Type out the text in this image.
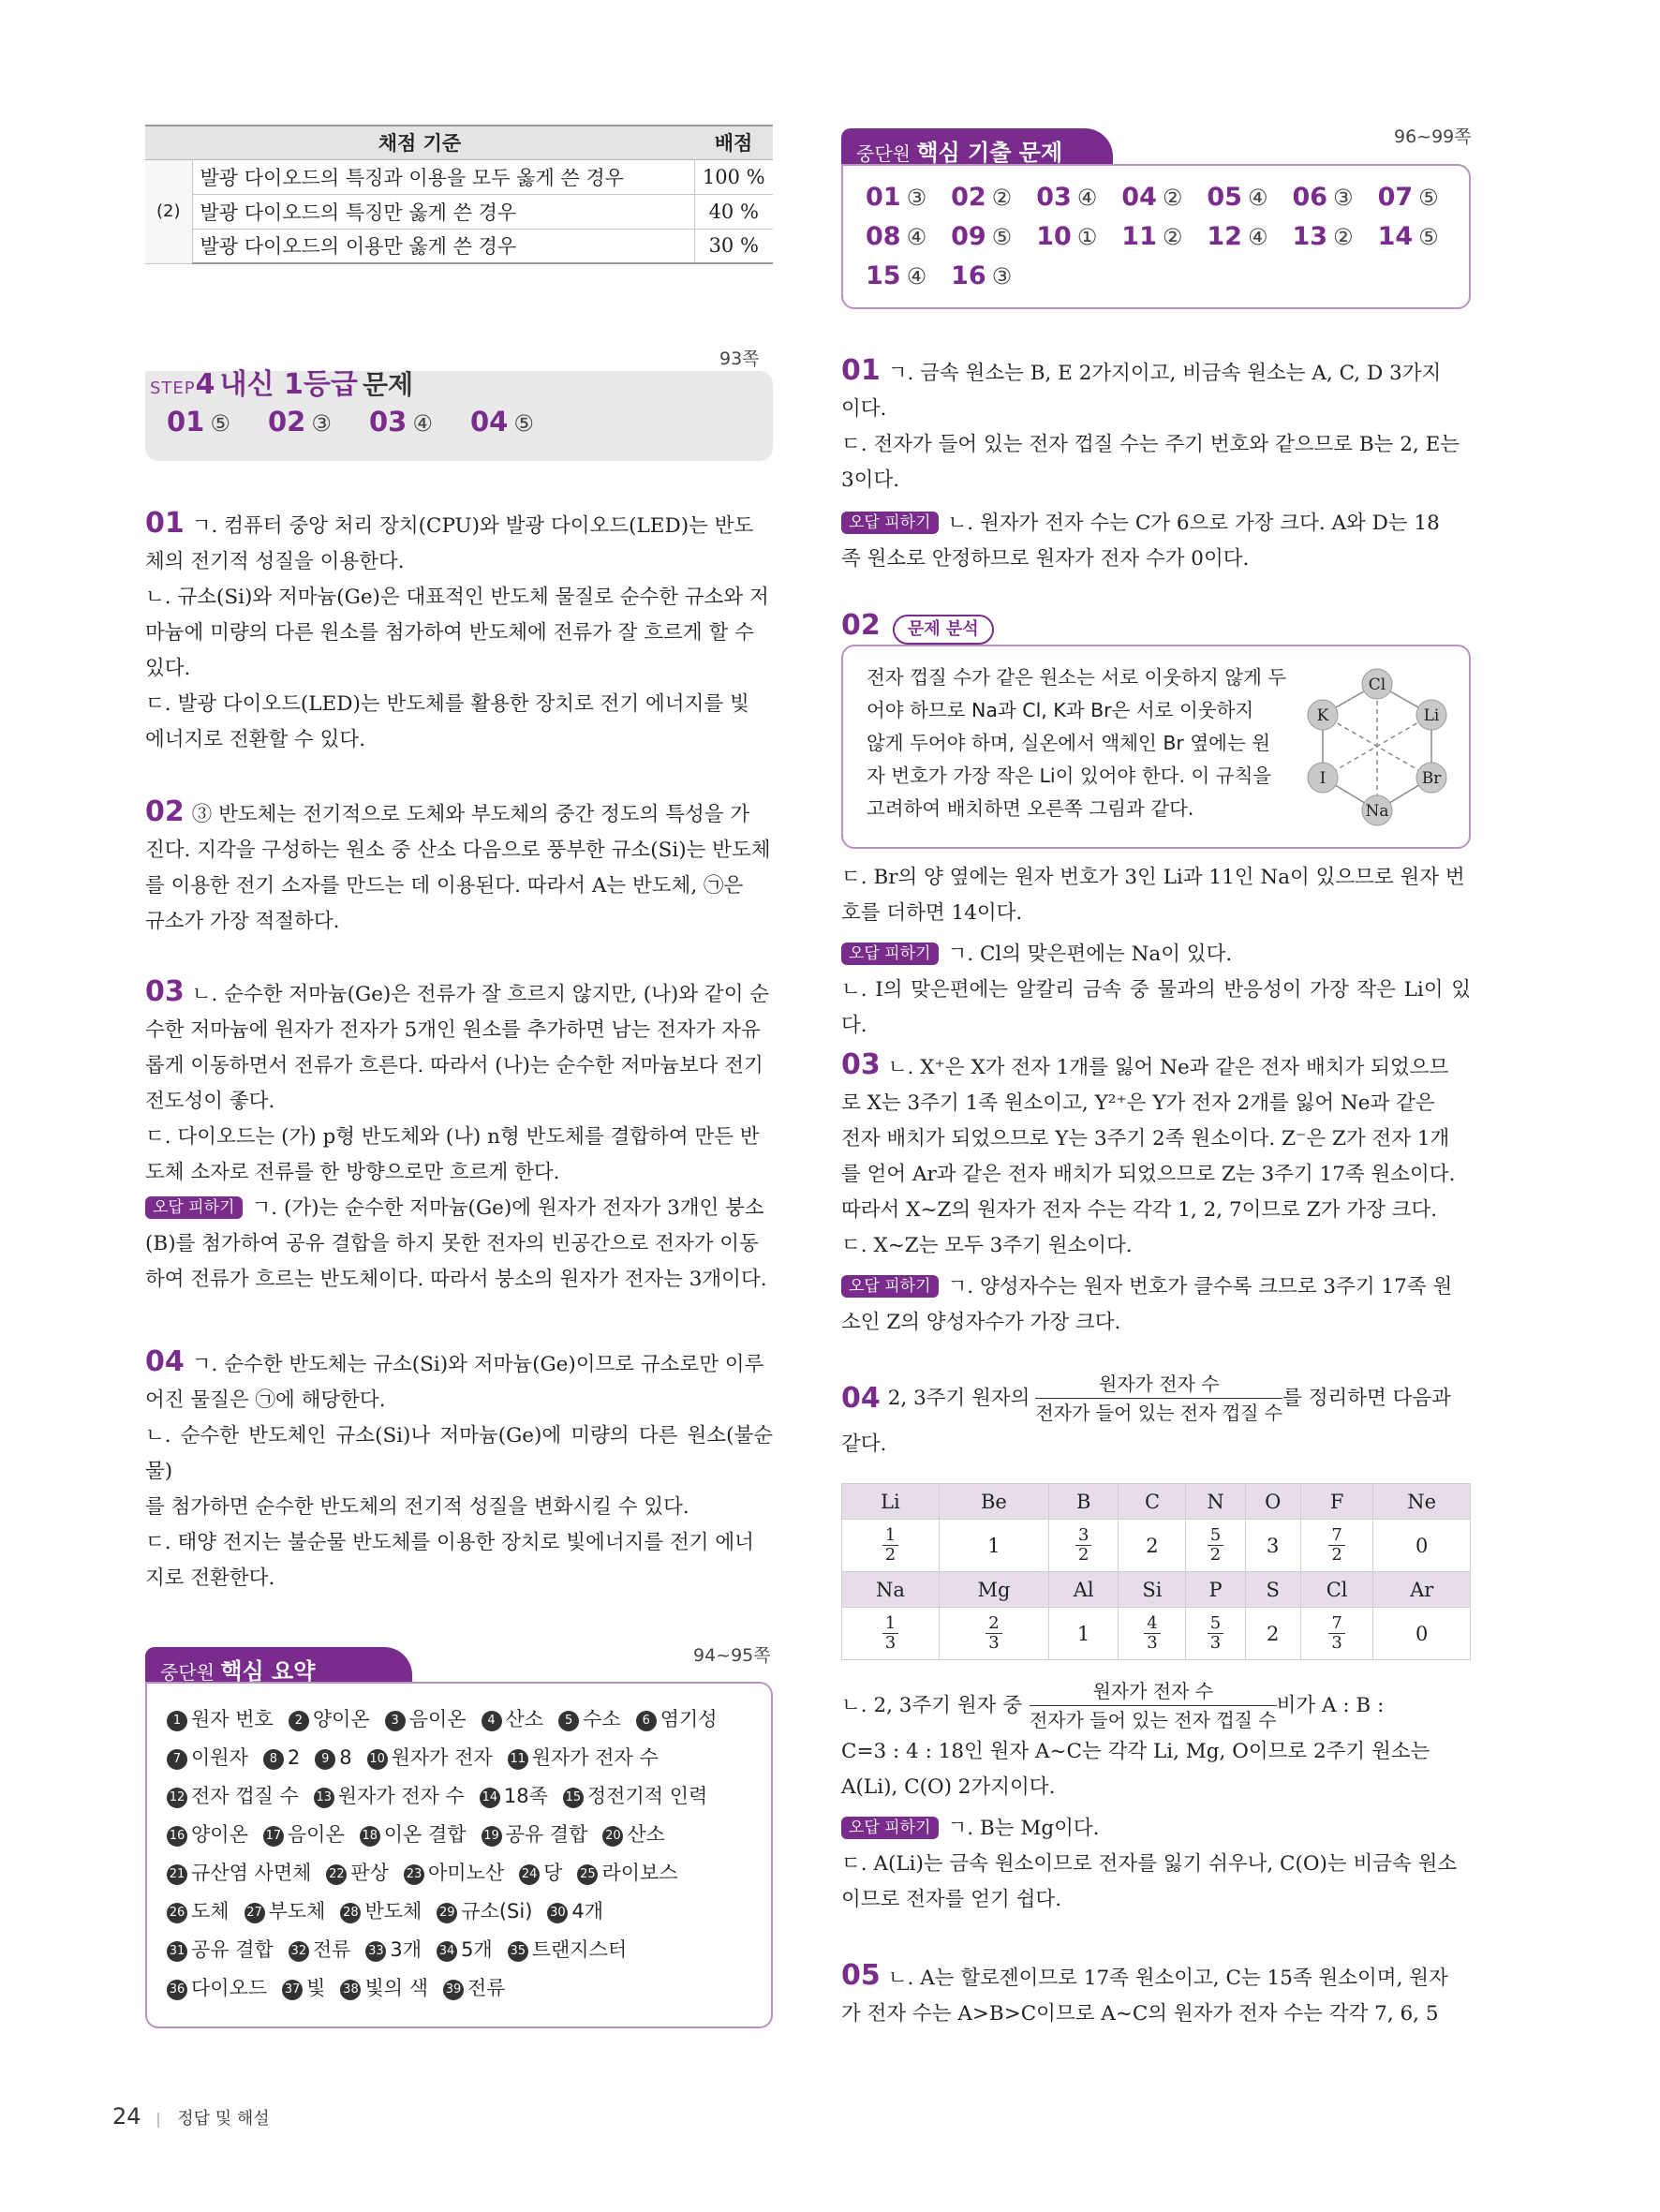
채점 기준		배점
(2)	발광 다이오드의 특징과 이용을 모두 옳게 쓴 경우	100 %
	발광 다이오드의 특징만 옳게 쓴 경우	40 %
	발광 다이오드의 이용만 옳게 쓴 경우	30 %
STEP4 내신 1등급 문제
93쪽
01 ⑤ 02 ③ 03 ④ 04 ⑤
01 ㄱ. 컴퓨터 중앙 처리 장치(CPU)와 발광 다이오드(LED)는 반도
체의 전기적 성질을 이용한다.
ㄴ. 규소(Si)와 저마늄(Ge)은 대표적인 반도체 물질로 순수한 규소와 저
마늄에 미량의 다른 원소를 첨가하여 반도체에 전류가 잘 흐르게 할 수
있다.
ㄷ. 발광 다이오드(LED)는 반도체를 활용한 장치로 전기 에너지를 빛
에너지로 전환할 수 있다.
02 ③ 반도체는 전기적으로 도체와 부도체의 중간 정도의 특성을 가
진다. 지각을 구성하는 원소 중 산소 다음으로 풍부한 규소(Si)는 반도체
를 이용한 전기 소자를 만드는 데 이용된다. 따라서 A는 반도체, ㉠은
규소가 가장 적절하다.
03 ㄴ. 순수한 저마늄(Ge)은 전류가 잘 흐르지 않지만, (나)와 같이 순
수한 저마늄에 원자가 전자가 5개인 원소를 추가하면 남는 전자가 자유
롭게 이동하면서 전류가 흐른다. 따라서 (나)는 순수한 저마늄보다 전기
전도성이 좋다.
ㄷ. 다이오드는 (가) p형 반도체와 (나) n형 반도체를 결합하여 만든 반
도체 소자로 전류를 한 방향으로만 흐르게 한다.
오답 피하기 ㄱ. (가)는 순수한 저마늄(Ge)에 원자가 전자가 3개인 붕소
(B)를 첨가하여 공유 결합을 하지 못한 전자의 빈공간으로 전자가 이동
하여 전류가 흐르는 반도체이다. 따라서 붕소의 원자가 전자는 3개이다.
04 ㄱ. 순수한 반도체는 규소(Si)와 저마늄(Ge)이므로 규소로만 이루
어진 물질은 ㉠에 해당한다.
ㄴ. 순수한 반도체인 규소(Si)나 저마늄(Ge)에 미량의 다른 원소(불순물)
를 첨가하면 순수한 반도체의 전기적 성질을 변화시킬 수 있다.
ㄷ. 태양 전지는 불순물 반도체를 이용한 장치로 빛에너지를 전기 에너
지로 전환한다.
중단원 핵심 요약
94~95쪽
1 원자 번호 2 양이온 3 음이온 4 산소 5 수소 6 염기성
7 이원자 8 2 9 8 10 원자가 전자 11 원자가 전자 수
12 전자 껍질 수 13 원자가 전자 수 14 18족 15 정전기적 인력
16 양이온 17 음이온 18 이온 결합 19 공유 결합 20 산소
21 규산염 사면체 22 판상 23 아미노산 24 당 25 라이보스
26 도체 27 부도체 28 반도체 29 규소(Si) 30 4개
31 공유 결합 32 전류 33 3개 34 5개 35 트랜지스터
36 다이오드 37 빛 38 빛의 색 39 전류
중단원 핵심 기출 문제
96~99쪽
01 ③ 02 ② 03 ④ 04 ② 05 ④ 06 ③ 07 ⑤
08 ④ 09 ⑤ 10 ① 11 ② 12 ④ 13 ② 14 ⑤
15 ④ 16 ③
01 ㄱ. 금속 원소는 B, E 2가지이고, 비금속 원소는 A, C, D 3가지
이다.
ㄷ. 전자가 들어 있는 전자 껍질 수는 주기 번호와 같으므로 B는 2, E는
3이다.
오답 피하기 ㄴ. 원자가 전자 수는 C가 6으로 가장 크다. A와 D는 18
족 원소로 안정하므로 원자가 전자 수가 0이다.
02 문제 분석
전자 껍질 수가 같은 원소는 서로 이웃하지 않게 두
어야 하므로 Na과 Cl, K과 Br은 서로 이웃하지
않게 두어야 하며, 실온에서 액체인 Br 옆에는 원
자 번호가 가장 작은 Li이 있어야 한다. 이 규칙을
고려하여 배치하면 오른쪽 그림과 같다.
Cl
K	Li
I	Br
Na
ㄷ. Br의 양 옆에는 원자 번호가 3인 Li과 11인 Na이 있으므로 원자 번
호를 더하면 14이다.
오답 피하기 ㄱ. Cl의 맞은편에는 Na이 있다.
ㄴ. I의 맞은편에는 알칼리 금속 중 물과의 반응성이 가장 작은 Li이 있다.
03 ㄴ. X⁺은 X가 전자 1개를 잃어 Ne과 같은 전자 배치가 되었으므
로 X는 3주기 1족 원소이고, Y²⁺은 Y가 전자 2개를 잃어 Ne과 같은
전자 배치가 되었으므로 Y는 3주기 2족 원소이다. Z⁻은 Z가 전자 1개
를 얻어 Ar과 같은 전자 배치가 되었으므로 Z는 3주기 17족 원소이다.
따라서 X~Z의 원자가 전자 수는 각각 1, 2, 7이므로 Z가 가장 크다.
ㄷ. X~Z는 모두 3주기 원소이다.
오답 피하기 ㄱ. 양성자수는 원자 번호가 클수록 크므로 3주기 17족 원
소인 Z의 양성자수가 가장 크다.
04 2, 3주기 원자의
원자가 전자 수
전자가 들어 있는 전자 껍질 수
를 정리하면 다음과
같다.
Li	Be	B	C	N	O	F	Ne

$\frac{1}{2}$	1	$\frac{3}{2}$	2	$\frac{5}{2}$	3	$\frac{7}{2}$	0
Na	Mg	Al	Si	P	S	Cl	Ar

$\frac{1}{3}$	$\frac{2}{3}$	1	$\frac{4}{3}$	$\frac{5}{3}$	2	$\frac{7}{3}$	0
ㄴ. 2, 3주기 원자 중
원자가 전자 수
전자가 들어 있는 전자 껍질 수
비가 A : B :
C=3 : 4 : 18인 원자 A~C는 각각 Li, Mg, O이므로 2주기 원소는
A(Li), C(O) 2가지이다.
오답 피하기 ㄱ. B는 Mg이다.
ㄷ. A(Li)는 금속 원소이므로 전자를 잃기 쉬우나, C(O)는 비금속 원소
이므로 전자를 얻기 쉽다.
05 ㄴ. A는 할로젠이므로 17족 원소이고, C는 15족 원소이며, 원자
가 전자 수는 A>B>C이므로 A~C의 원자가 전자 수는 각각 7, 6, 5
24 | 정답 및 해설
